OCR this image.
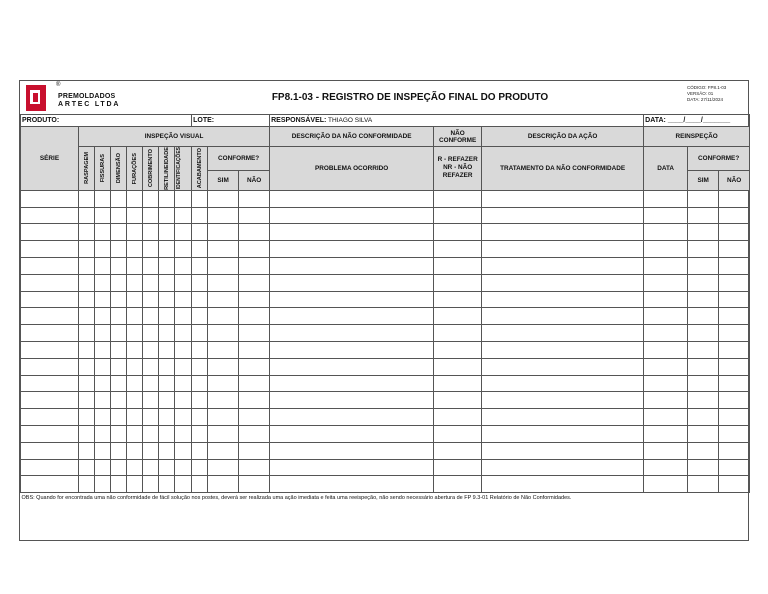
®
PREMOLDADOS
ARTEC LTDA
FP8.1-03 - REGISTRO DE INSPEÇÃO FINAL DO PRODUTO
CÓDIGO: FP8.1-03
VERSÃO: 01
DATA: 27/11/2024
PRODUTO:								LOTE:			RESPONSÁVEL: THIAGO SILVA			DATA: ____/____/_______		
SÉRIE	INSPEÇÃO VISUAL										DESCRIÇÃO DA NÃO CONFORMIDADE	NÃO CONFORME	DESCRIÇÃO DA AÇÃO	REINSPEÇÃO		

	RASPAGEM	FISSURAS	DIMENSÃO	FURAÇÕES	COBRIMENTO	RETILINEIDADE	IDENTIFICAÇÕES	ACABAMENTO	CONFORME?		PROBLEMA OCORRIDO	R - REFAZER NR - NÃO REFAZER	TRATAMENTO DA NÃO CONFORMIDADE	DATA	CONFORME?	
									SIM	NÃO					SIM	NÃO

OBS: Quando for encontrada uma não conformidade de fácil solução nos postes, deverá ser realizada uma ação imediata e feita uma reeispeção, não sendo necessário abertura de FP 9.3-01 Relatório de Não Conformidades.																
